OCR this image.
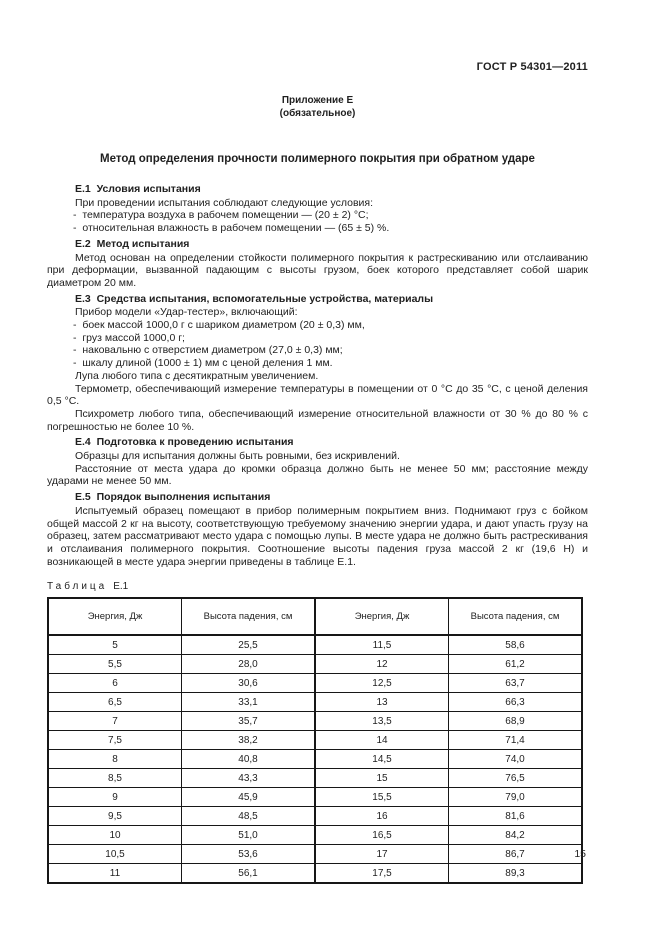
ГОСТ Р 54301—2011
Приложение Е
(обязательное)
Метод определения прочности полимерного покрытия при обратном ударе

Е.1  Условия испытания

При проведении испытания соблюдают следующие условия:

-  температура воздуха в рабочем помещении — (20 ± 2) °С;

-  относительная влажность в рабочем помещении — (65 ± 5) %.

Е.2  Метод испытания

Метод основан на определении стойкости полимерного покрытия к растрескиванию или отслаиванию при деформации, вызванной падающим с высоты грузом, боек которого представляет собой шарик диаметром 20 мм.

Е.3  Средства испытания, вспомогательные устройства, материалы

Прибор модели «Удар-тестер», включающий:

-  боек массой 1000,0 г с шариком диаметром (20 ± 0,3) мм,

-  груз массой 1000,0 г;

-  наковальню с отверстием диаметром (27,0 ± 0,3) мм;

-  шкалу длиной (1000 ± 1) мм с ценой деления 1 мм.

Лупа любого типа с десятикратным увеличением.

Термометр, обеспечивающий измерение температуры в помещении от 0 °С до 35 °С, с ценой деления 0,5 °С.

Психрометр любого типа, обеспечивающий измерение относительной влажности от 30 % до 80 % с погрешностью не более 10 %.

Е.4  Подготовка к проведению испытания

Образцы для испытания должны быть ровными, без искривлений.

Расстояние от места удара до кромки образца должно быть не менее 50 мм; расстояние между ударами не менее 50 мм.

Е.5  Порядок выполнения испытания

Испытуемый образец помещают в прибор полимерным покрытием вниз. Поднимают груз с бойком общей массой 2 кг на высоту, соответствующую требуемому значению энергии удара, и дают упасть грузу на образец, затем рассматривают место удара с помощью лупы. В месте удара не должно быть растрескивания и отслаивания полимерного покрытия. Соотношение высоты падения груза массой 2 кг (19,6 Н) и возникающей в месте удара энергии приведены в таблице Е.1.

Таблица Е.1
Энергия, Дж	Высота падения, см	Энергия, Дж	Высота падения, см
5	25,5	11,5	58,6
5,5	28,0	12	61,2
6	30,6	12,5	63,7
6,5	33,1	13	66,3
7	35,7	13,5	68,9
7,5	38,2	14	71,4
8	40,8	14,5	74,0
8,5	43,3	15	76,5
9	45,9	15,5	79,0
9,5	48,5	16	81,6
10	51,0	16,5	84,2
10,5	53,6	17	86,7
11	56,1	17,5	89,3
15
